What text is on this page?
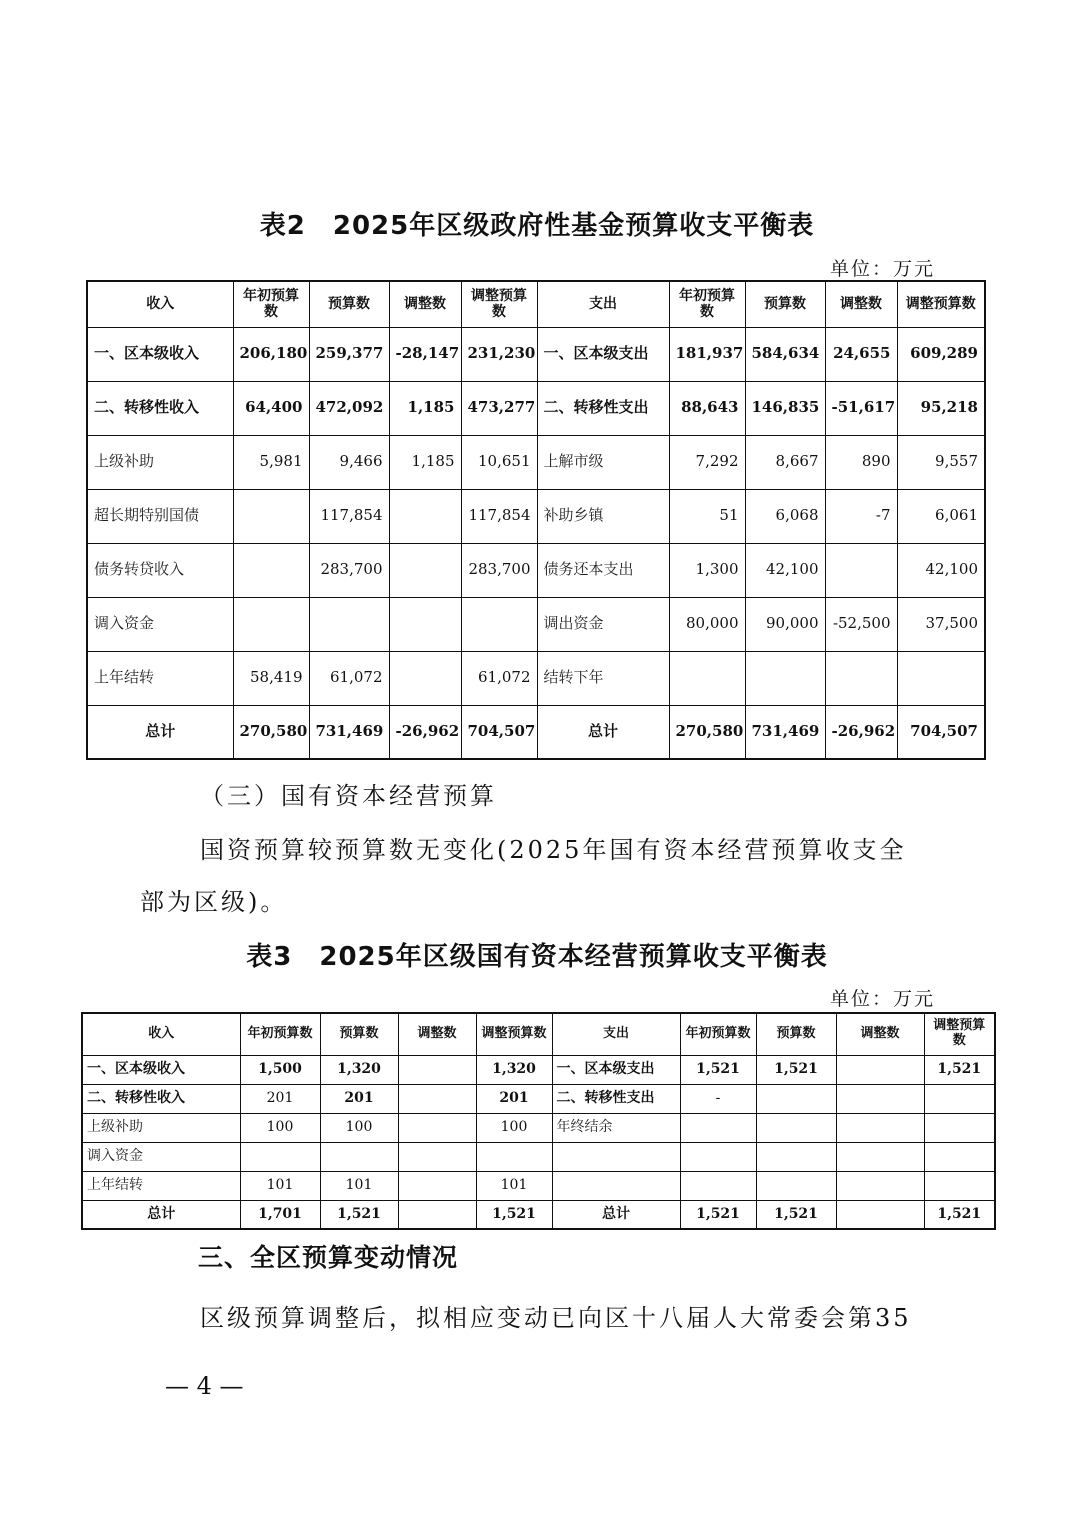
表2　2025年区级政府性基金预算收支平衡表
单位：万元
收入	年初预算数	预算数	调整数	调整预算数	支出	年初预算数	预算数	调整数	调整预算数
一、区本级收入	206,180	259,377	-28,147	231,230	一、区本级支出	181,937	584,634	24,655	609,289
二、转移性收入	64,400	472,092	1,185	473,277	二、转移性支出	88,643	146,835	-51,617	95,218
上级补助	5,981	9,466	1,185	10,651	上解市级	7,292	8,667	890	9,557
超长期特别国债		117,854		117,854	补助乡镇	51	6,068	-7	6,061
债务转贷收入		283,700		283,700	债务还本支出	1,300	42,100		42,100
调入资金					调出资金	80,000	90,000	-52,500	37,500
上年结转	58,419	61,072		61,072	结转下年				
总计	270,580	731,469	-26,962	704,507	总计	270,580	731,469	-26,962	704,507
（三）国有资本经营预算
国资预算较预算数无变化(2025年国有资本经营预算收支全
部为区级)。
表3　2025年区级国有资本经营预算收支平衡表
单位：万元
收入	年初预算数	预算数	调整数	调整预算数	支出	年初预算数	预算数	调整数	调整预算数
一、区本级收入	1,500	1,320		1,320	一、区本级支出	1,521	1,521		1,521
二、转移性收入	201	201		201	二、转移性支出	-			
上级补助	100	100		100	年终结余				
调入资金									
上年结转	101	101		101					
总计	1,701	1,521		1,521	总计	1,521	1,521		1,521
三、全区预算变动情况
区级预算调整后，拟相应变动已向区十八届人大常委会第35
— 4 —
